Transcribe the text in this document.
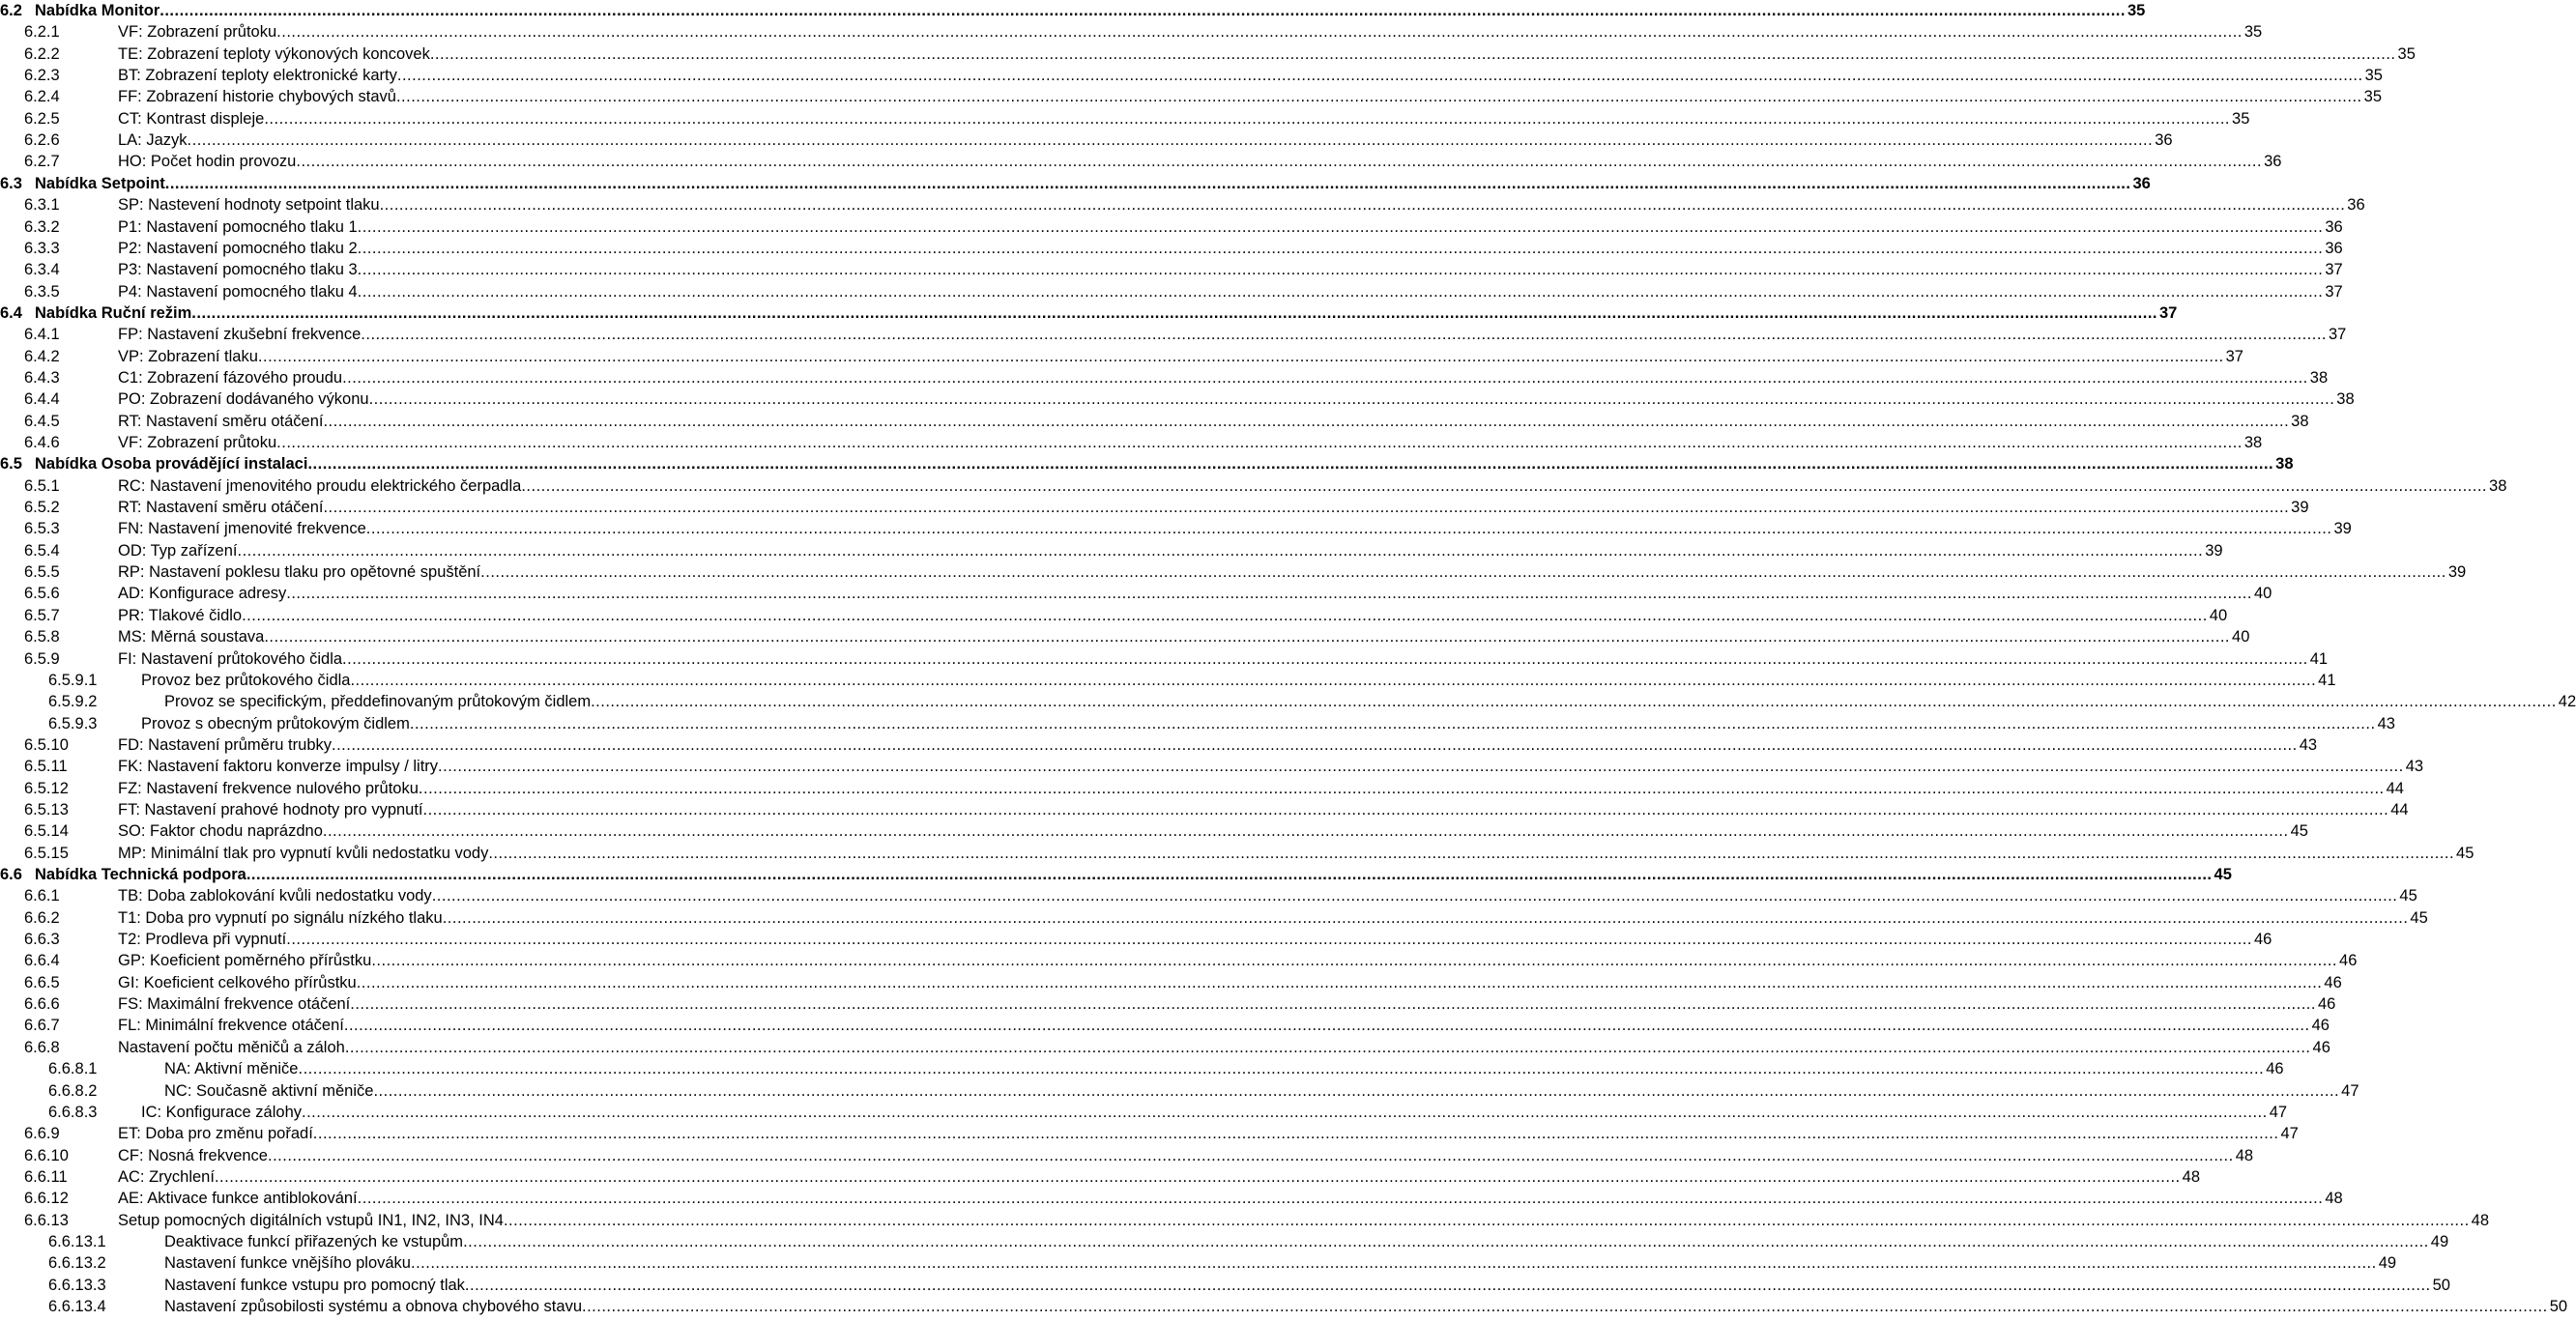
6.2 Nabídka Monitor ................................................................................................................................................................................................................................................................................................................................................................................................................ 35
6.2.1	VF: Zobrazení průtoku ................................................................................................................................................................................................................................................................................................................................................................................................................ 35
6.2.2	TE: Zobrazení teploty výkonových koncovek ................................................................................................................................................................................................................................................................................................................................................................................................................ 35
6.2.3	BT: Zobrazení teploty elektronické karty ................................................................................................................................................................................................................................................................................................................................................................................................................ 35
6.2.4	FF: Zobrazení historie chybových stavů ................................................................................................................................................................................................................................................................................................................................................................................................................ 35
6.2.5	CT: Kontrast displeje ................................................................................................................................................................................................................................................................................................................................................................................................................ 35
6.2.6	LA: Jazyk ................................................................................................................................................................................................................................................................................................................................................................................................................ 36
6.2.7	HO: Počet hodin provozu ................................................................................................................................................................................................................................................................................................................................................................................................................ 36
6.3 Nabídka Setpoint ................................................................................................................................................................................................................................................................................................................................................................................................................ 36
6.3.1	SP: Nastevení hodnoty setpoint tlaku ................................................................................................................................................................................................................................................................................................................................................................................................................ 36
6.3.2	P1: Nastavení pomocného tlaku 1 ................................................................................................................................................................................................................................................................................................................................................................................................................ 36
6.3.3	P2: Nastavení pomocného tlaku 2 ................................................................................................................................................................................................................................................................................................................................................................................................................ 36
6.3.4	P3: Nastavení pomocného tlaku 3 ................................................................................................................................................................................................................................................................................................................................................................................................................ 37
6.3.5	P4: Nastavení pomocného tlaku 4 ................................................................................................................................................................................................................................................................................................................................................................................................................ 37
6.4 Nabídka Ruční režim ................................................................................................................................................................................................................................................................................................................................................................................................................ 37
6.4.1	FP: Nastavení zkušební frekvence ................................................................................................................................................................................................................................................................................................................................................................................................................ 37
6.4.2	VP: Zobrazení tlaku ................................................................................................................................................................................................................................................................................................................................................................................................................ 37
6.4.3	C1: Zobrazení fázového proudu ................................................................................................................................................................................................................................................................................................................................................................................................................ 38
6.4.4	PO: Zobrazení dodávaného výkonu ................................................................................................................................................................................................................................................................................................................................................................................................................ 38
6.4.5	RT: Nastavení směru otáčení ................................................................................................................................................................................................................................................................................................................................................................................................................ 38
6.4.6	VF: Zobrazení průtoku ................................................................................................................................................................................................................................................................................................................................................................................................................ 38
6.5 Nabídka Osoba provádějící instalaci ................................................................................................................................................................................................................................................................................................................................................................................................................ 38
6.5.1	RC: Nastavení jmenovitého proudu elektrického čerpadla ................................................................................................................................................................................................................................................................................................................................................................................................................ 38
6.5.2	RT: Nastavení směru otáčení ................................................................................................................................................................................................................................................................................................................................................................................................................ 39
6.5.3	FN: Nastavení jmenovité frekvence ................................................................................................................................................................................................................................................................................................................................................................................................................ 39
6.5.4	OD: Typ zařízení ................................................................................................................................................................................................................................................................................................................................................................................................................ 39
6.5.5	RP: Nastavení poklesu tlaku pro opětovné spuštění ................................................................................................................................................................................................................................................................................................................................................................................................................ 39
6.5.6	AD: Konfigurace adresy ................................................................................................................................................................................................................................................................................................................................................................................................................ 40
6.5.7	PR: Tlakové čidlo ................................................................................................................................................................................................................................................................................................................................................................................................................ 40
6.5.8	MS: Měrná soustava ................................................................................................................................................................................................................................................................................................................................................................................................................ 40
6.5.9	FI: Nastavení průtokového čidla ................................................................................................................................................................................................................................................................................................................................................................................................................ 41
6.5.9.1	Provoz bez průtokového čidla ................................................................................................................................................................................................................................................................................................................................................................................................................ 41
6.5.9.2	Provoz se specifickým, předdefinovaným průtokovým čidlem ................................................................................................................................................................................................................................................................................................................................................................................................................ 42
6.5.9.3	Provoz s obecným průtokovým čidlem ................................................................................................................................................................................................................................................................................................................................................................................................................ 43
6.5.10	FD: Nastavení průměru trubky ................................................................................................................................................................................................................................................................................................................................................................................................................ 43
6.5.11	FK: Nastavení faktoru konverze impulsy / litry ................................................................................................................................................................................................................................................................................................................................................................................................................ 43
6.5.12	FZ: Nastavení frekvence nulového průtoku ................................................................................................................................................................................................................................................................................................................................................................................................................ 44
6.5.13	FT: Nastavení prahové hodnoty pro vypnutí ................................................................................................................................................................................................................................................................................................................................................................................................................ 44
6.5.14	SO: Faktor chodu naprázdno ................................................................................................................................................................................................................................................................................................................................................................................................................ 45
6.5.15	MP: Minimální tlak pro vypnutí kvůli nedostatku vody ................................................................................................................................................................................................................................................................................................................................................................................................................ 45
6.6 Nabídka Technická podpora ................................................................................................................................................................................................................................................................................................................................................................................................................ 45
6.6.1	TB: Doba zablokování kvůli nedostatku vody ................................................................................................................................................................................................................................................................................................................................................................................................................ 45
6.6.2	T1: Doba pro vypnutí po signálu nízkého tlaku ................................................................................................................................................................................................................................................................................................................................................................................................................ 45
6.6.3	T2: Prodleva při vypnutí ................................................................................................................................................................................................................................................................................................................................................................................................................ 46
6.6.4	GP: Koeficient poměrného přírůstku ................................................................................................................................................................................................................................................................................................................................................................................................................ 46
6.6.5	GI: Koeficient celkového přírůstku ................................................................................................................................................................................................................................................................................................................................................................................................................ 46
6.6.6	FS: Maximální frekvence otáčení ................................................................................................................................................................................................................................................................................................................................................................................................................ 46
6.6.7	FL: Minimální frekvence otáčení ................................................................................................................................................................................................................................................................................................................................................................................................................ 46
6.6.8	Nastavení počtu měničů a záloh ................................................................................................................................................................................................................................................................................................................................................................................................................ 46
6.6.8.1	NA: Aktivní měniče ................................................................................................................................................................................................................................................................................................................................................................................................................ 46
6.6.8.2	NC: Současně aktivní měniče ................................................................................................................................................................................................................................................................................................................................................................................................................ 47
6.6.8.3	IC: Konfigurace zálohy ................................................................................................................................................................................................................................................................................................................................................................................................................ 47
6.6.9	ET: Doba pro změnu pořadí ................................................................................................................................................................................................................................................................................................................................................................................................................ 47
6.6.10	CF: Nosná frekvence ................................................................................................................................................................................................................................................................................................................................................................................................................ 48
6.6.11	AC: Zrychlení ................................................................................................................................................................................................................................................................................................................................................................................................................ 48
6.6.12	AE: Aktivace funkce antiblokování ................................................................................................................................................................................................................................................................................................................................................................................................................ 48
6.6.13	Setup pomocných digitálních vstupů IN1, IN2, IN3, IN4 ................................................................................................................................................................................................................................................................................................................................................................................................................ 48
6.6.13.1	Deaktivace funkcí přiřazených ke vstupům ................................................................................................................................................................................................................................................................................................................................................................................................................ 49
6.6.13.2	Nastavení funkce vnějšího plováku ................................................................................................................................................................................................................................................................................................................................................................................................................ 49
6.6.13.3	Nastavení funkce vstupu pro pomocný tlak ................................................................................................................................................................................................................................................................................................................................................................................................................ 50
6.6.13.4	Nastavení způsobilosti systému a obnova chybového stavu ................................................................................................................................................................................................................................................................................................................................................................................................................ 50
